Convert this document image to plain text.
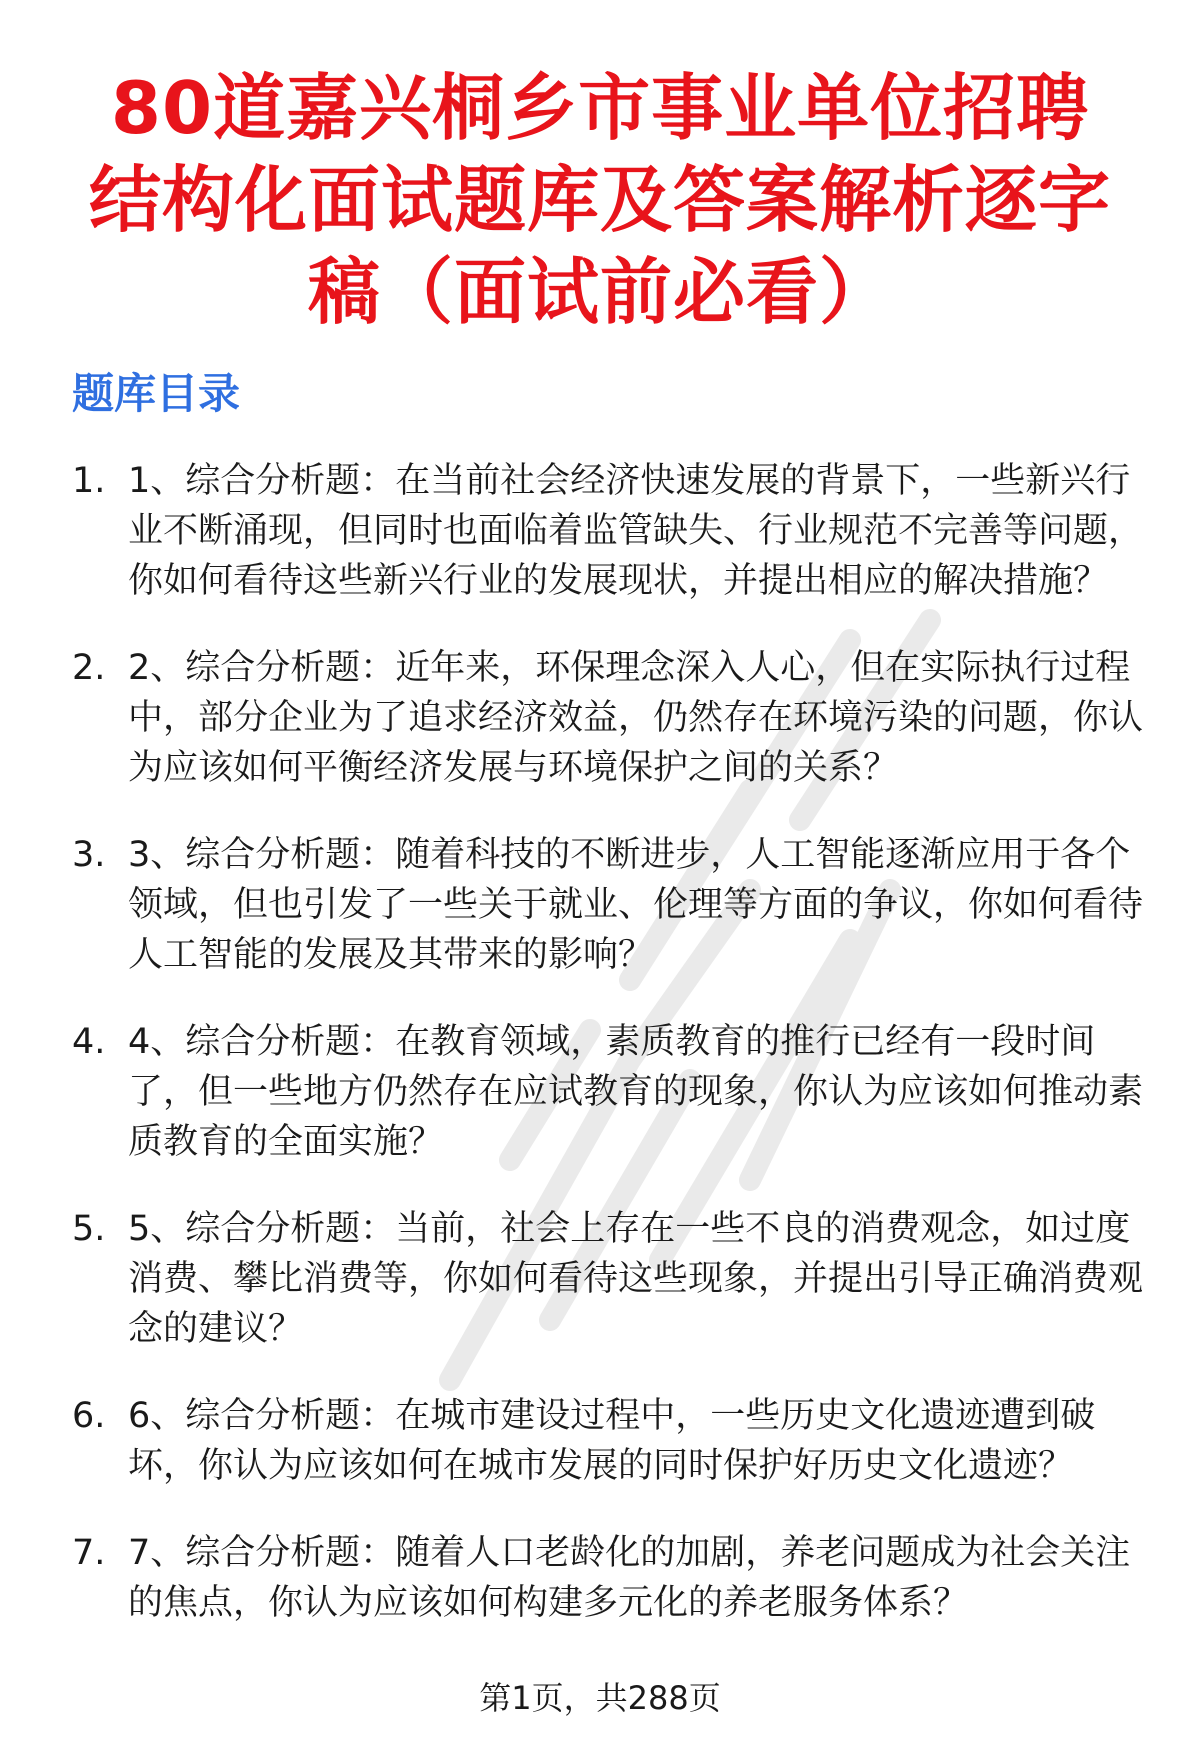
80道嘉兴桐乡市事业单位招聘结构化面试题库及答案解析逐字稿（面试前必看）
题库目录
1. 1、综合分析题：在当前社会经济快速发展的背景下，一些新兴行业不断涌现，但同时也面临着监管缺失、行业规范不完善等问题，你如何看待这些新兴行业的发展现状，并提出相应的解决措施？
2. 2、综合分析题：近年来，环保理念深入人心，但在实际执行过程中，部分企业为了追求经济效益，仍然存在环境污染的问题，你认为应该如何平衡经济发展与环境保护之间的关系？
3. 3、综合分析题：随着科技的不断进步，人工智能逐渐应用于各个领域，但也引发了一些关于就业、伦理等方面的争议，你如何看待人工智能的发展及其带来的影响？
4. 4、综合分析题：在教育领域，素质教育的推行已经有一段时间了，但一些地方仍然存在应试教育的现象，你认为应该如何推动素质教育的全面实施？
5. 5、综合分析题：当前，社会上存在一些不良的消费观念，如过度消费、攀比消费等，你如何看待这些现象，并提出引导正确消费观念的建议？
6. 6、综合分析题：在城市建设过程中，一些历史文化遗迹遭到破坏，你认为应该如何在城市发展的同时保护好历史文化遗迹？
7. 7、综合分析题：随着人口老龄化的加剧，养老问题成为社会关注的焦点，你认为应该如何构建多元化的养老服务体系？
第1页，共288页
